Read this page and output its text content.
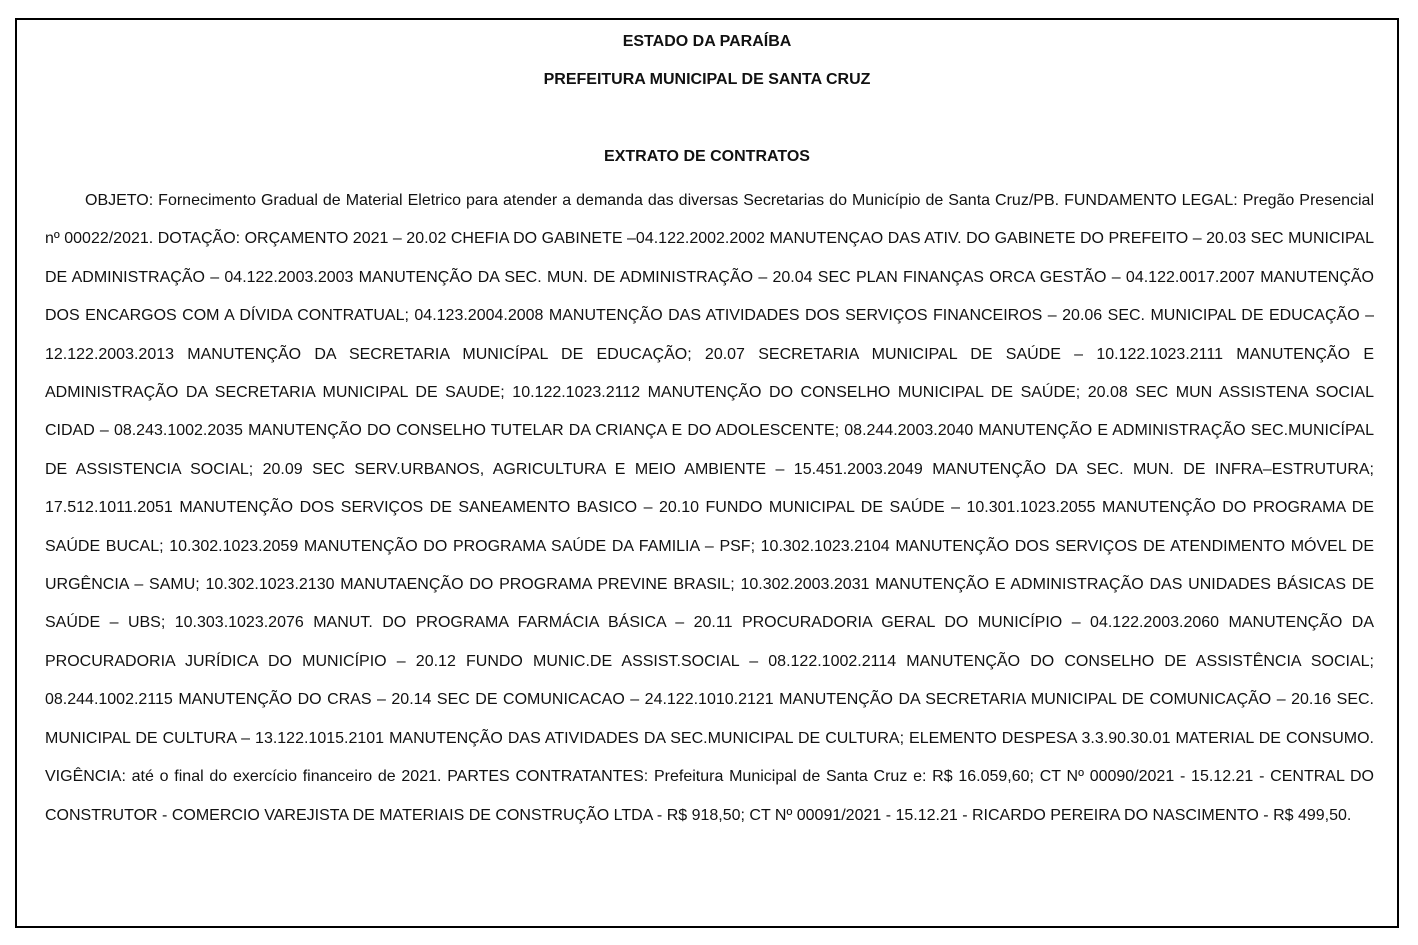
ESTADO DA PARAÍBA

PREFEITURA MUNICIPAL DE SANTA CRUZ

EXTRATO DE CONTRATOS

OBJETO: Fornecimento Gradual de Material Eletrico para atender a demanda das diversas Secretarias do Município de Santa Cruz/PB. FUNDAMENTO LEGAL: Pregão Presencial nº 00022/2021. DOTAÇÃO: ORÇAMENTO 2021 – 20.02 CHEFIA DO GABINETE –04.122.2002.2002 MANUTENÇAO DAS ATIV. DO GABINETE DO PREFEITO – 20.03 SEC MUNICIPAL DE ADMINISTRAÇÃO – 04.122.2003.2003 MANUTENÇÃO DA SEC. MUN. DE ADMINISTRAÇÃO – 20.04 SEC PLAN FINANÇAS ORCA GESTÃO – 04.122.0017.2007 MANUTENÇÃO DOS ENCARGOS COM A DÍVIDA CONTRATUAL; 04.123.2004.2008 MANUTENÇÃO DAS ATIVIDADES DOS SERVIÇOS FINANCEIROS – 20.06 SEC. MUNICIPAL DE EDUCAÇÃO – 12.122.2003.2013 MANUTENÇÃO DA SECRETARIA MUNICÍPAL DE EDUCAÇÃO; 20.07 SECRETARIA MUNICIPAL DE SAÚDE – 10.122.1023.2111 MANUTENÇÃO E ADMINISTRAÇÃO DA SECRETARIA MUNICIPAL DE SAUDE; 10.122.1023.2112 MANUTENÇÃO DO CONSELHO MUNICIPAL DE SAÚDE; 20.08 SEC MUN ASSISTENA SOCIAL CIDAD – 08.243.1002.2035 MANUTENÇÃO DO CONSELHO TUTELAR DA CRIANÇA E DO ADOLESCENTE; 08.244.2003.2040 MANUTENÇÃO E ADMINISTRAÇÃO SEC.MUNICÍPAL DE ASSISTENCIA SOCIAL; 20.09 SEC SERV.URBANOS, AGRICULTURA E MEIO AMBIENTE – 15.451.2003.2049 MANUTENÇÃO DA SEC. MUN. DE INFRA–ESTRUTURA; 17.512.1011.2051 MANUTENÇÃO DOS SERVIÇOS DE SANEAMENTO BASICO – 20.10 FUNDO MUNICIPAL DE SAÚDE – 10.301.1023.2055 MANUTENÇÃO DO PROGRAMA DE SAÚDE BUCAL; 10.302.1023.2059 MANUTENÇÃO DO PROGRAMA SAÚDE DA FAMILIA – PSF; 10.302.1023.2104 MANUTENÇÃO DOS SERVIÇOS DE ATENDIMENTO MÓVEL DE URGÊNCIA – SAMU; 10.302.1023.2130 MANUTAENÇÃO DO PROGRAMA PREVINE BRASIL; 10.302.2003.2031 MANUTENÇÃO E ADMINISTRAÇÃO DAS UNIDADES BÁSICAS DE SAÚDE – UBS; 10.303.1023.2076 MANUT. DO PROGRAMA FARMÁCIA BÁSICA – 20.11 PROCURADORIA GERAL DO MUNICÍPIO – 04.122.2003.2060 MANUTENÇÃO DA PROCURADORIA JURÍDICA DO MUNICÍPIO – 20.12 FUNDO MUNIC.DE ASSIST.SOCIAL – 08.122.1002.2114 MANUTENÇÃO DO CONSELHO DE ASSISTÊNCIA SOCIAL; 08.244.1002.2115 MANUTENÇÃO DO CRAS – 20.14 SEC DE COMUNICACAO – 24.122.1010.2121 MANUTENÇÃO DA SECRETARIA MUNICIPAL DE COMUNICAÇÃO – 20.16 SEC. MUNICIPAL DE CULTURA – 13.122.1015.2101 MANUTENÇÃO DAS ATIVIDADES DA SEC.MUNICIPAL DE CULTURA; ELEMENTO DESPESA 3.3.90.30.01 MATERIAL DE CONSUMO. VIGÊNCIA: até o final do exercício financeiro de 2021. PARTES CONTRATANTES: Prefeitura Municipal de Santa Cruz e: R$ 16.059,60; CT Nº 00090/2021 - 15.12.21 - CENTRAL DO CONSTRUTOR - COMERCIO VAREJISTA DE MATERIAIS DE CONSTRUÇÃO LTDA - R$ 918,50; CT Nº 00091/2021 - 15.12.21 - RICARDO PEREIRA DO NASCIMENTO - R$ 499,50.
